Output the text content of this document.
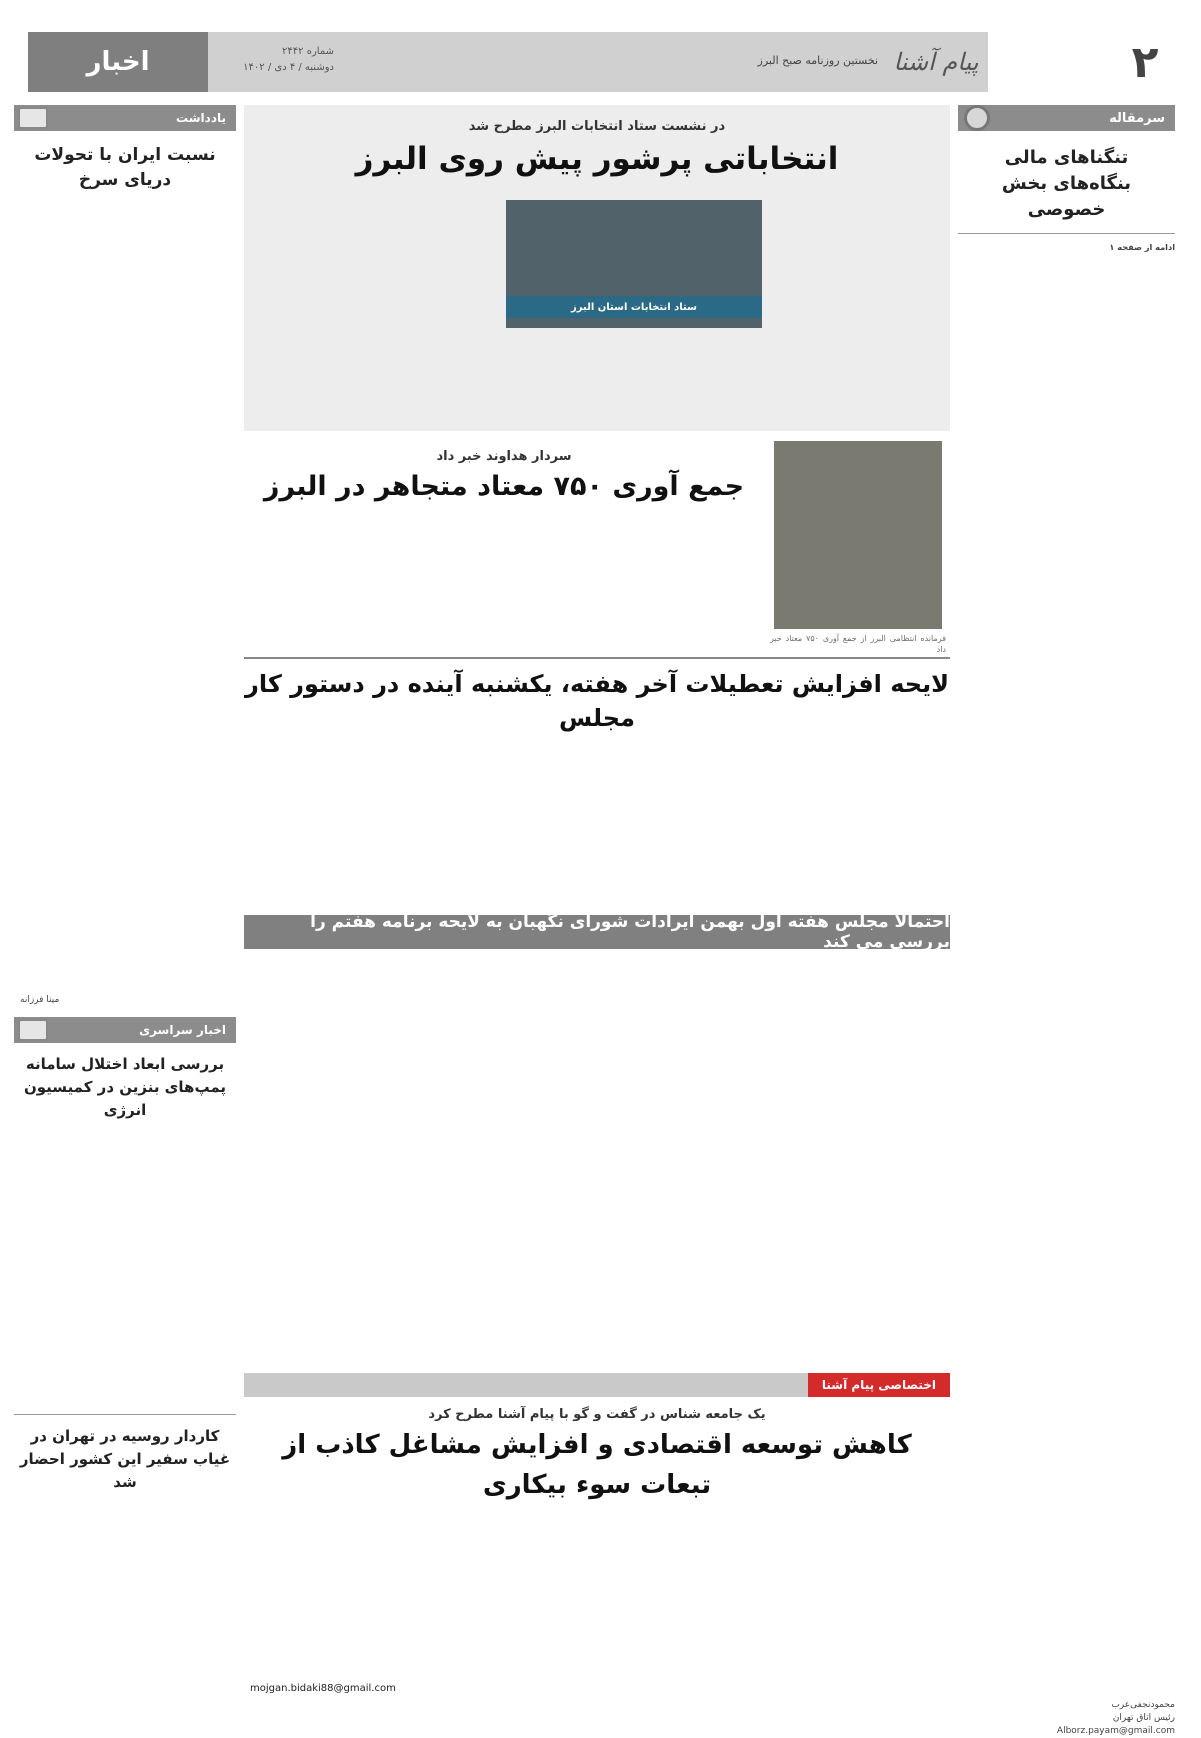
اخبار	شماره ۲۴۴۲
دوشنبه / ۴ دی / ۱۴۰۲
نخستین روزنامه صبح البرز پیام آشنا	۲
سرمقاله
تنگناهای مالی بنگاه‌های بخش خصوصی
ادامه از صفحه ۱
محمودنجفی‌عرب
رئیس اتاق تهران
Alborz.payam@gmail.com
یادداشت
نسبت ایران با تحولات دریای سرخ
مینا فرزانه
اخبار سراسری
بررسی ابعاد اختلال سامانه پمپ‌های بنزین در کمیسیون انرژی
کاردار روسیه در تهران در غیاب سفیر این کشور احضار شد
در نشست ستاد انتخابات البرز مطرح شد
انتخاباتی پرشور پیش روی البرز
ستاد انتخابات استان البرز
فرمانده انتظامی البرز از جمع آوری ۷۵۰ معتاد خبر داد
سردار هداوند خبر داد
جمع آوری ۷۵۰ معتاد متجاهر در البرز
لایحه افزایش تعطیلات آخر هفته، یکشنبه آینده در دستور کار مجلس
احتمالا مجلس هفته اول بهمن ایرادات شورای نگهبان به لایحه برنامه هفتم را بررسی می کند
اختصاصی پیام آشنا
یک جامعه شناس در گفت و گو با پیام آشنا مطرح کرد
کاهش توسعه اقتصادی و افزایش مشاغل کاذب از تبعات سوء بیکاری
mojgan.bidaki88@gmail.com
